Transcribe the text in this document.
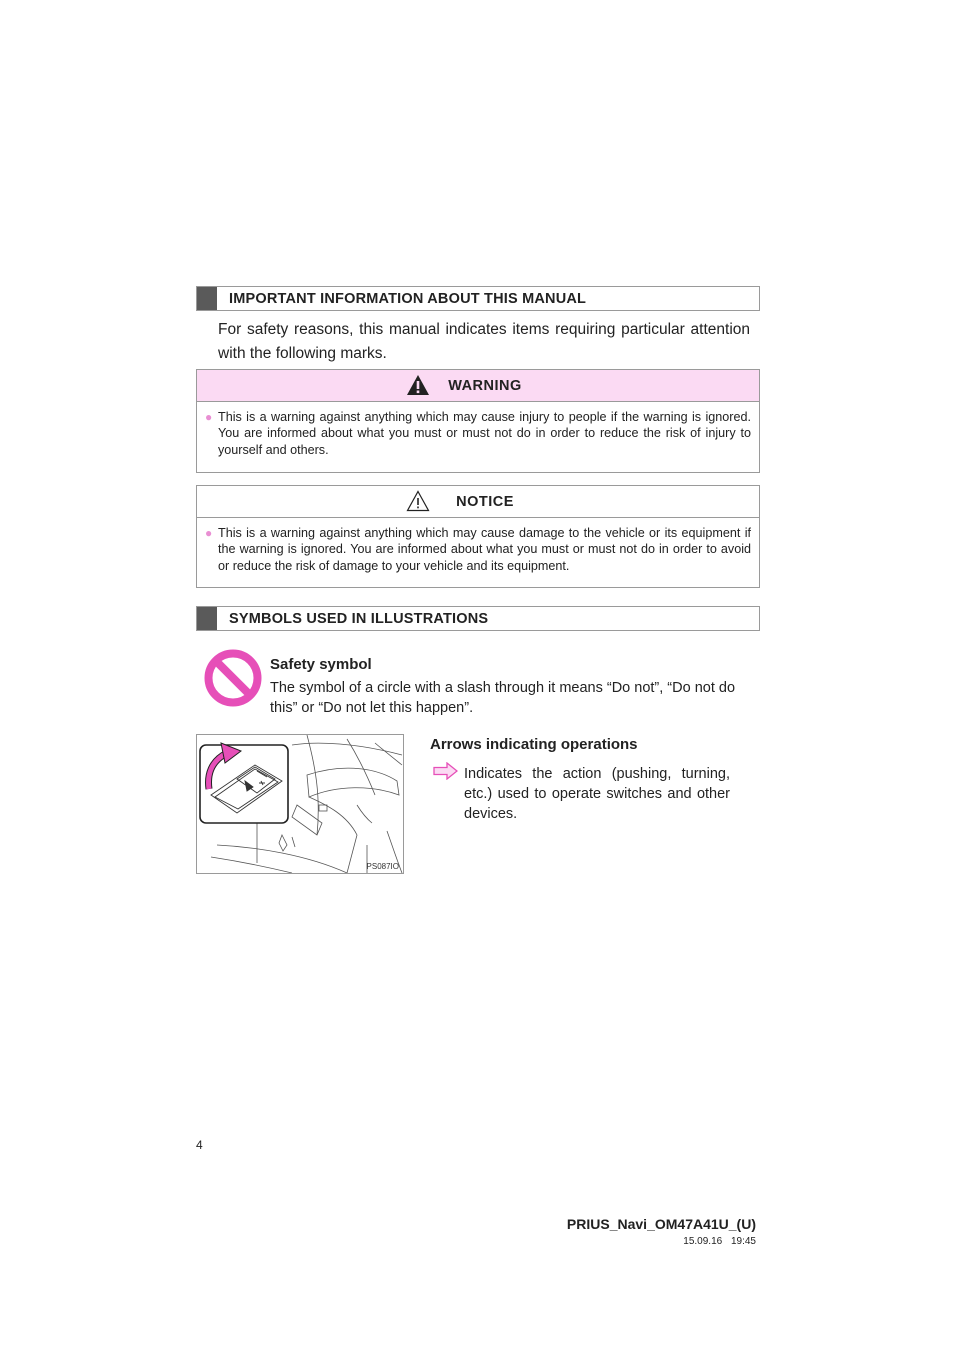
IMPORTANT INFORMATION ABOUT THIS MANUAL

For safety reasons, this manual indicates items requiring particular attention with the following marks.

WARNING
● This is a warning against anything which may cause injury to people if the warning is ignored. You are informed about what you must or must not do in order to reduce the risk of injury to yourself and others.
NOTICE
● This is a warning against anything which may cause damage to the vehicle or its equipment if the warning is ignored. You are informed about what you must or must not do in order to avoid or reduce the risk of damage to your vehicle and its equipment.
SYMBOLS USED IN ILLUSTRATIONS
Safety symbol
The symbol of a circle with a slash through it means “Do not”, “Do not do this” or “Do not let this happen”.
PS087IO
Arrows indicating operations
Indicates the action (pushing, turning, etc.) used to operate switches and other devices.
4
PRIUS_Navi_OM47A41U_(U)
15.09.16 19:45
